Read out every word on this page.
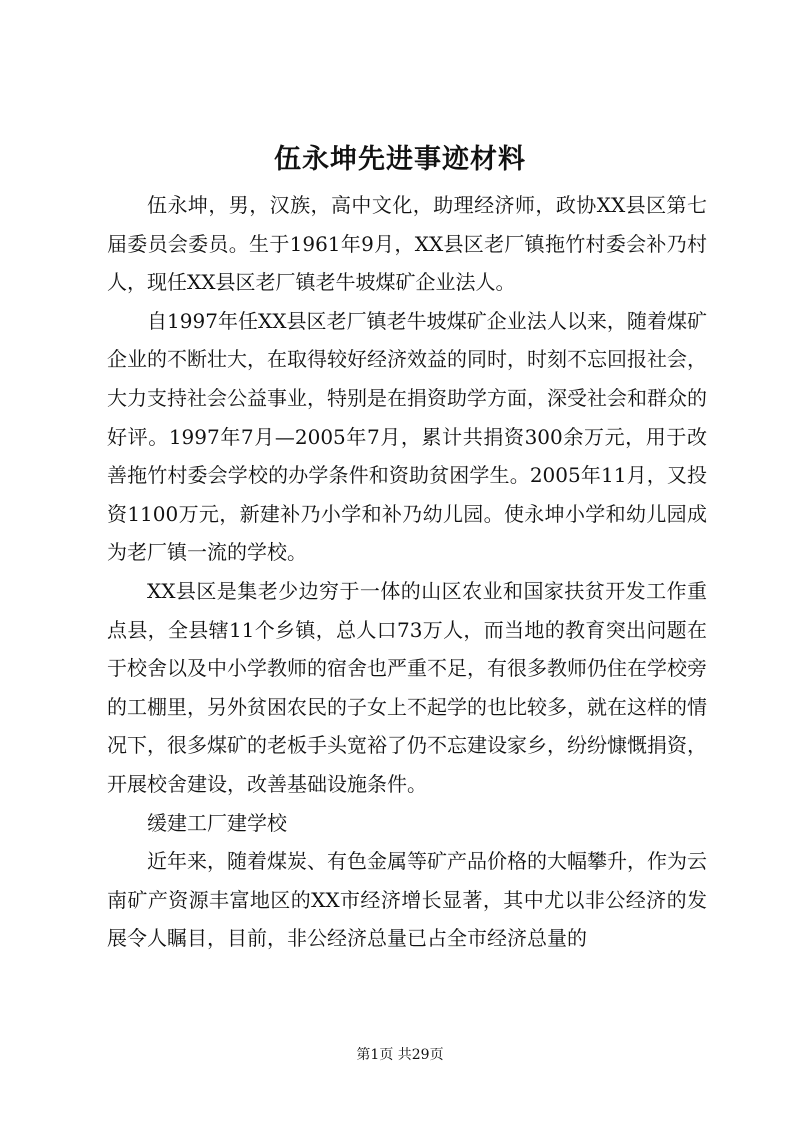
伍永坤先进事迹材料

伍永坤，男，汉族，高中文化，助理经济师，政协XX县区第七届委员会委员。生于1961年9月，XX县区老厂镇拖竹村委会补乃村人，现任XX县区老厂镇老牛坡煤矿企业法人。

自1997年任XX县区老厂镇老牛坡煤矿企业法人以来，随着煤矿企业的不断壮大，在取得较好经济效益的同时，时刻不忘回报社会，大力支持社会公益事业，特别是在捐资助学方面，深受社会和群众的好评。1997年7月—2005年7月，累计共捐资300余万元，用于改善拖竹村委会学校的办学条件和资助贫困学生。2005年11月，又投资1100万元，新建补乃小学和补乃幼儿园。使永坤小学和幼儿园成为老厂镇一流的学校。

XX县区是集老少边穷于一体的山区农业和国家扶贫开发工作重点县，全县辖11个乡镇，总人口73万人，而当地的教育突出问题在于校舍以及中小学教师的宿舍也严重不足，有很多教师仍住在学校旁的工棚里，另外贫困农民的子女上不起学的也比较多，就在这样的情况下，很多煤矿的老板手头宽裕了仍不忘建设家乡，纷纷慷慨捐资，开展校舍建设，改善基础设施条件。

缓建工厂建学校

近年来，随着煤炭、有色金属等矿产品价格的大幅攀升，作为云南矿产资源丰富地区的XX市经济增长显著，其中尤以非公经济的发展令人瞩目，目前，非公经济总量已占全市经济总量的

第1页 共29页
